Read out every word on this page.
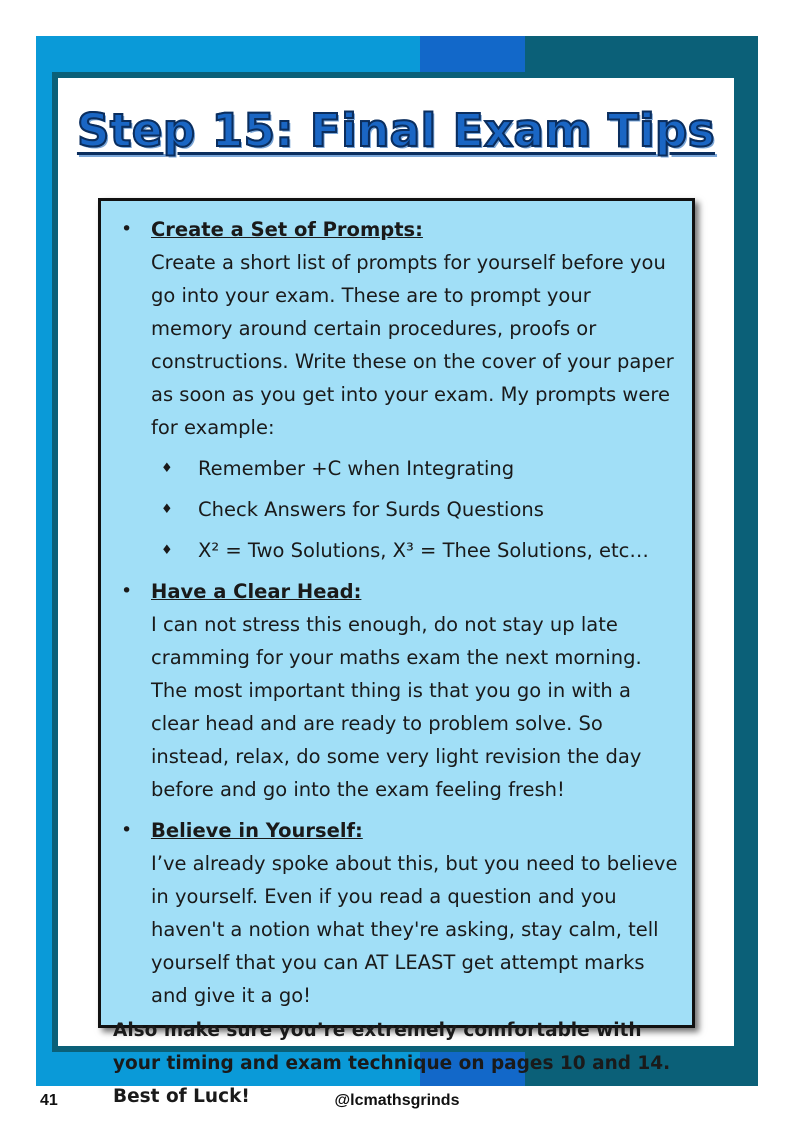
Step 15: Final Exam Tips
• Create a Set of Prompts:
Create a short list of prompts for yourself before you go into your exam. These are to prompt your memory around certain procedures, proofs or constructions. Write these on the cover of your paper as soon as you get into your exam. My prompts were for example:
♦ Remember +C when Integrating
♦ Check Answers for Surds Questions
♦ X² = Two Solutions, X³ = Thee Solutions, etc…
• Have a Clear Head:
I can not stress this enough, do not stay up late cramming for your maths exam the next morning. The most important thing is that you go in with a clear head and are ready to problem solve. So instead, relax, do some very light revision the day before and go into the exam feeling fresh!
• Believe in Yourself:
I’ve already spoke about this, but you need to believe in yourself. Even if you read a question and you haven't a notion what they're asking, stay calm, tell yourself that you can AT LEAST get attempt marks and give it a go!
Also make sure you’re extremely comfortable with your timing and exam technique on pages 10 and 14. Best of Luck!
41	@lcmathsgrinds
